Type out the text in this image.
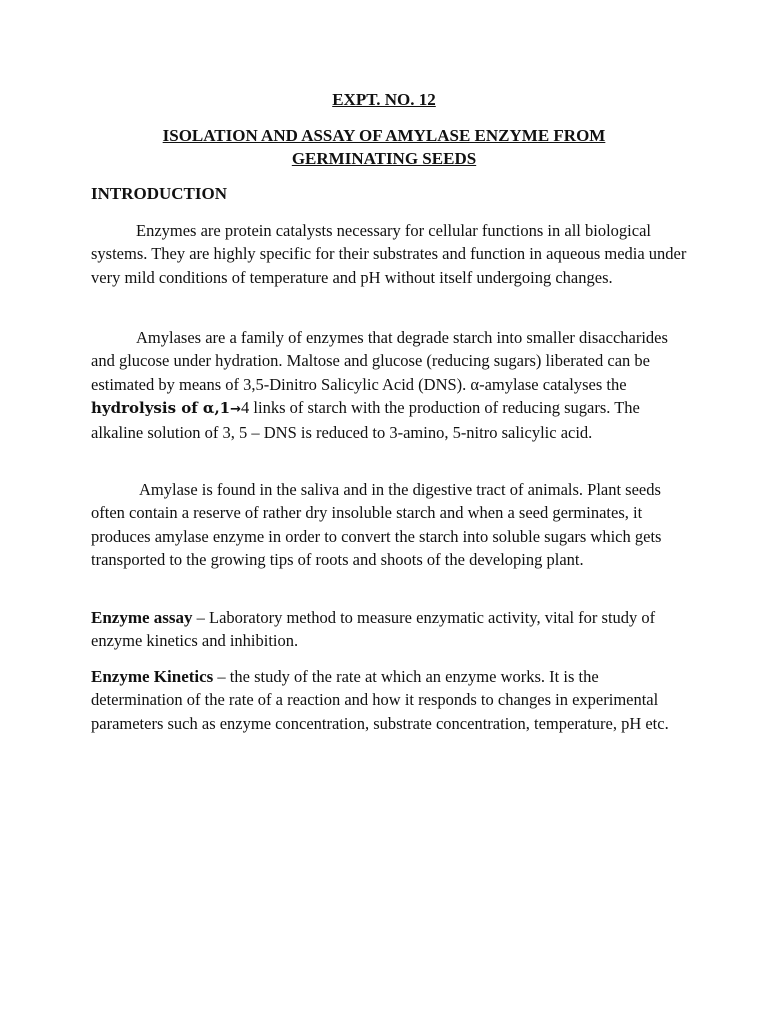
EXPT. NO. 12
ISOLATION AND ASSAY OF AMYLASE ENZYME FROM GERMINATING SEEDS
INTRODUCTION
Enzymes are protein catalysts necessary for cellular functions in all biological systems. They are highly specific for their substrates and function in aqueous media under very mild conditions of temperature and pH without itself undergoing changes.
Amylases are a family of enzymes that degrade starch into smaller disaccharides and glucose under hydration. Maltose and glucose (reducing sugars) liberated can be estimated by means of 3,5-Dinitro Salicylic Acid (DNS). α-amylase catalyses the hydrolysis of α,1→4 links of starch with the production of reducing sugars. The alkaline solution of 3, 5 – DNS is reduced to 3-amino, 5-nitro salicylic acid.
Amylase is found in the saliva and in the digestive tract of animals. Plant seeds often contain a reserve of rather dry insoluble starch and when a seed germinates, it produces amylase enzyme in order to convert the starch into soluble sugars which gets transported to the growing tips of roots and shoots of the developing plant.
Enzyme assay – Laboratory method to measure enzymatic activity, vital for study of enzyme kinetics and inhibition.
Enzyme Kinetics – the study of the rate at which an enzyme works. It is the determination of the rate of a reaction and how it responds to changes in experimental parameters such as enzyme concentration, substrate concentration, temperature, pH etc.
